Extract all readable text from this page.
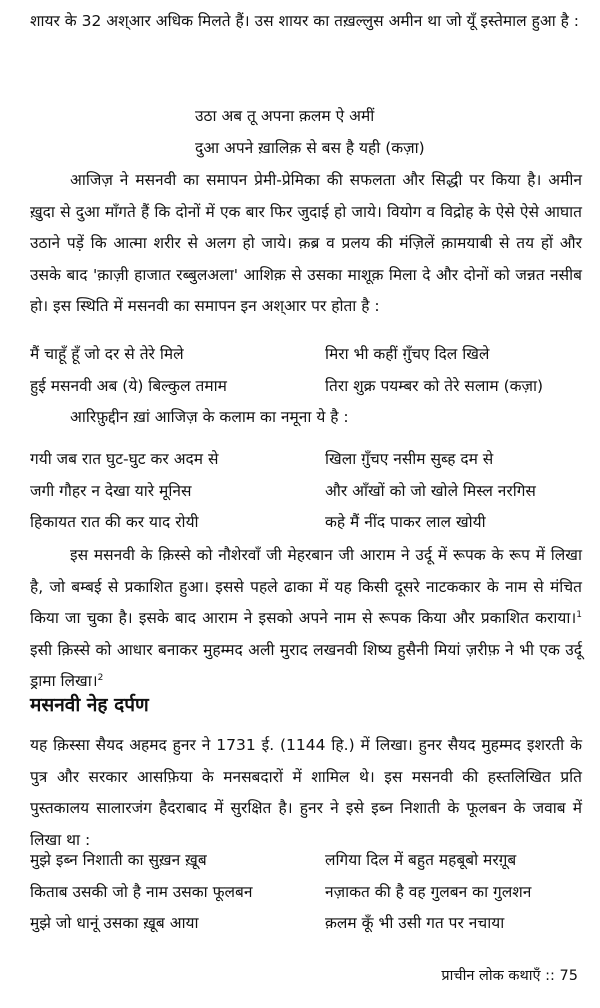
शायर के 32 अश्आर अधिक मिलते हैं। उस शायर का तख़ल्लुस अमीन था जो यूँ इस्तेमाल हुआ है :

उठा अब तू अपना क़लम ऐ अमीं
दुआ अपने ख़ालिक़ से बस है यही (कज़ा)

आजिज़ ने मसनवी का समापन प्रेमी-प्रेमिका की सफलता और सिद्धी पर किया है। अमीन ख़ुदा से दुआ माँगते हैं कि दोनों में एक बार फिर जुदाई हो जाये। वियोग व विद्रोह के ऐसे ऐसे आघात उठाने पड़ें कि आत्मा शरीर से अलग हो जाये। क़ब्र व प्रलय की मंज़िलें क़ामयाबी से तय हों और उसके बाद 'क़ाज़ी हाजात रब्बुलअला' आशिक़ से उसका माशूक़ मिला दे और दोनों को जन्नत नसीब हो। इस स्थिति में मसनवी का समापन इन अश्आर पर होता है :

मैं चाहूँ हूँ जो दर से तेरे मिले
हुई मसनवी अब (ये) बिल्कुल तमाम
मिरा भी कहीं ग़ुँचए दिल खिले
तिरा शुक्र पयम्बर को तेरे सलाम (कज़ा)

आरिफ़ुद्दीन ख़ां आजिज़ के कलाम का नमूना ये है :

गयी जब रात घुट-घुट कर अदम से
जगी गौहर न देखा यारे मूनिस
हिकायत रात की कर याद रोयी
खिला ग़ुँचए नसीम सुब्ह दम से
और आँखों को जो खोले मिस्ल नरगिस
कहे मैं नींद पाकर लाल खोयी

इस मसनवी के क़िस्से को नौशेरवाँ जी मेहरबान जी आराम ने उर्दू में रूपक के रूप में लिखा है, जो बम्बई से प्रकाशित हुआ। इससे पहले ढाका में यह किसी दूसरे नाटककार के नाम से मंचित किया जा चुका है। इसके बाद आराम ने इसको अपने नाम से रूपक किया और प्रकाशित कराया।$^1$ इसी क़िस्से को आधार बनाकर मुहम्मद अली मुराद लखनवी शिष्य हुसैनी मियां ज़रीफ़ ने भी एक उर्दू ड्रामा लिखा।$^2$

मसनवी नेह दर्पण

यह क़िस्सा सैयद अहमद हुनर ने 1731 ई. (1144 हि.) में लिखा। हुनर सैयद मुहम्मद इशरती के पुत्र और सरकार आसफ़िया के मनसबदारों में शामिल थे। इस मसनवी की हस्तलिखित प्रति पुस्तकालय सालारजंग हैदराबाद में सुरक्षित है। हुनर ने इसे इब्न निशाती के फूलबन के जवाब में लिखा था :

मुझे इब्न निशाती का सुख़न ख़ूब
किताब उसकी जो है नाम उसका फूलबन
मुझे जो धानूं उसका ख़ूब आया
लगिया दिल में बहुत महबूबो मरग़ूब
नज़ाकत की है वह गुलबन का गुलशन
क़लम कूँ भी उसी गत पर नचाया
प्राचीन लोक कथाएँ :: 75
